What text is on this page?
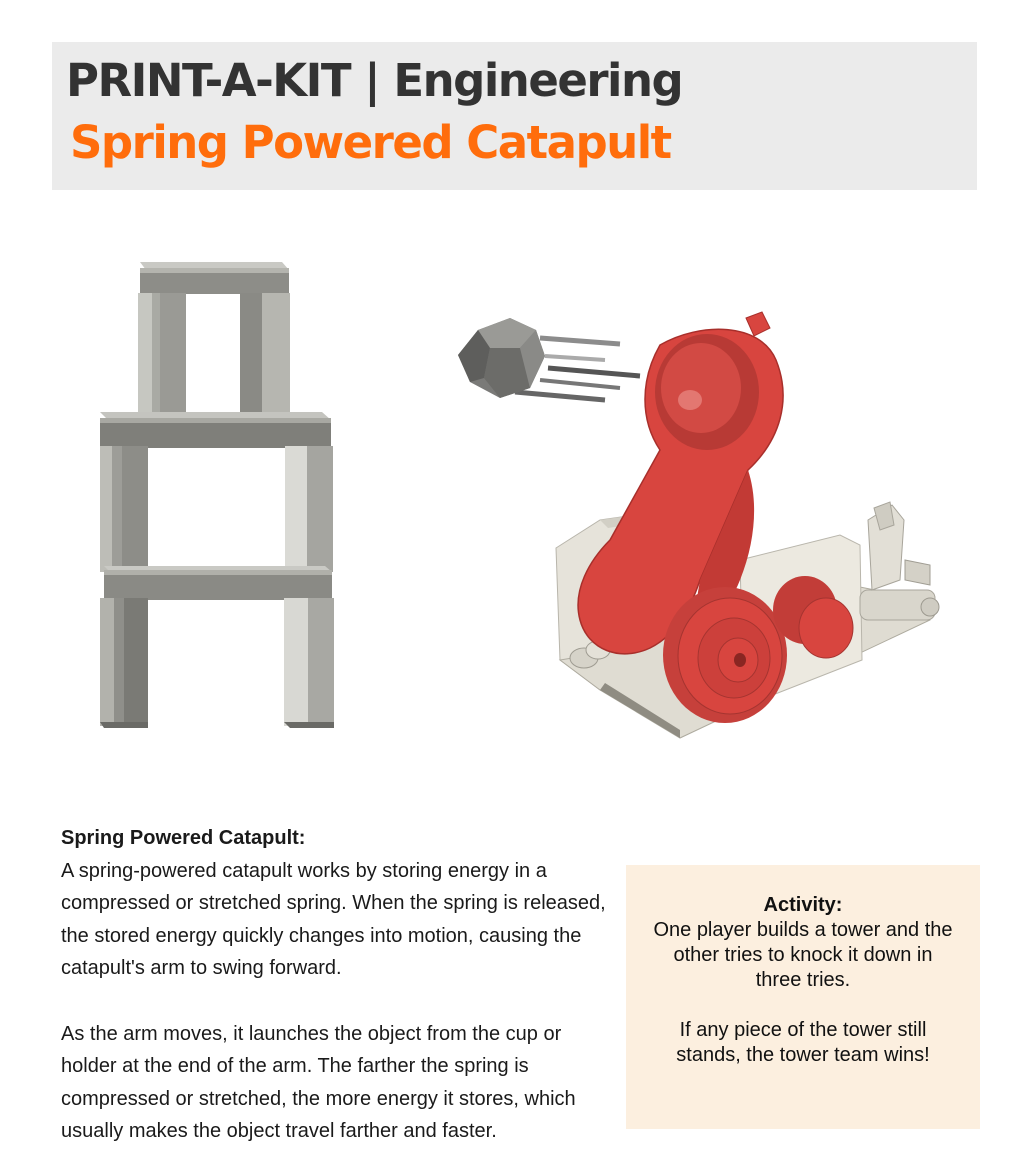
PRINT-A-KIT | Engineering
Spring Powered Catapult
Spring Powered Catapult:

A spring-powered catapult works by storing energy in a compressed or stretched spring. When the spring is released, the stored energy quickly changes into motion, causing the catapult's arm to swing forward.

As the arm moves, it launches the object from the cup or holder at the end of the arm. The farther the spring is compressed or stretched, the more energy it stores, which usually makes the object travel farther and faster.

Activity:
One player builds a tower and the other tries to knock it down in three tries.
If any piece of the tower still stands, the tower team wins!
